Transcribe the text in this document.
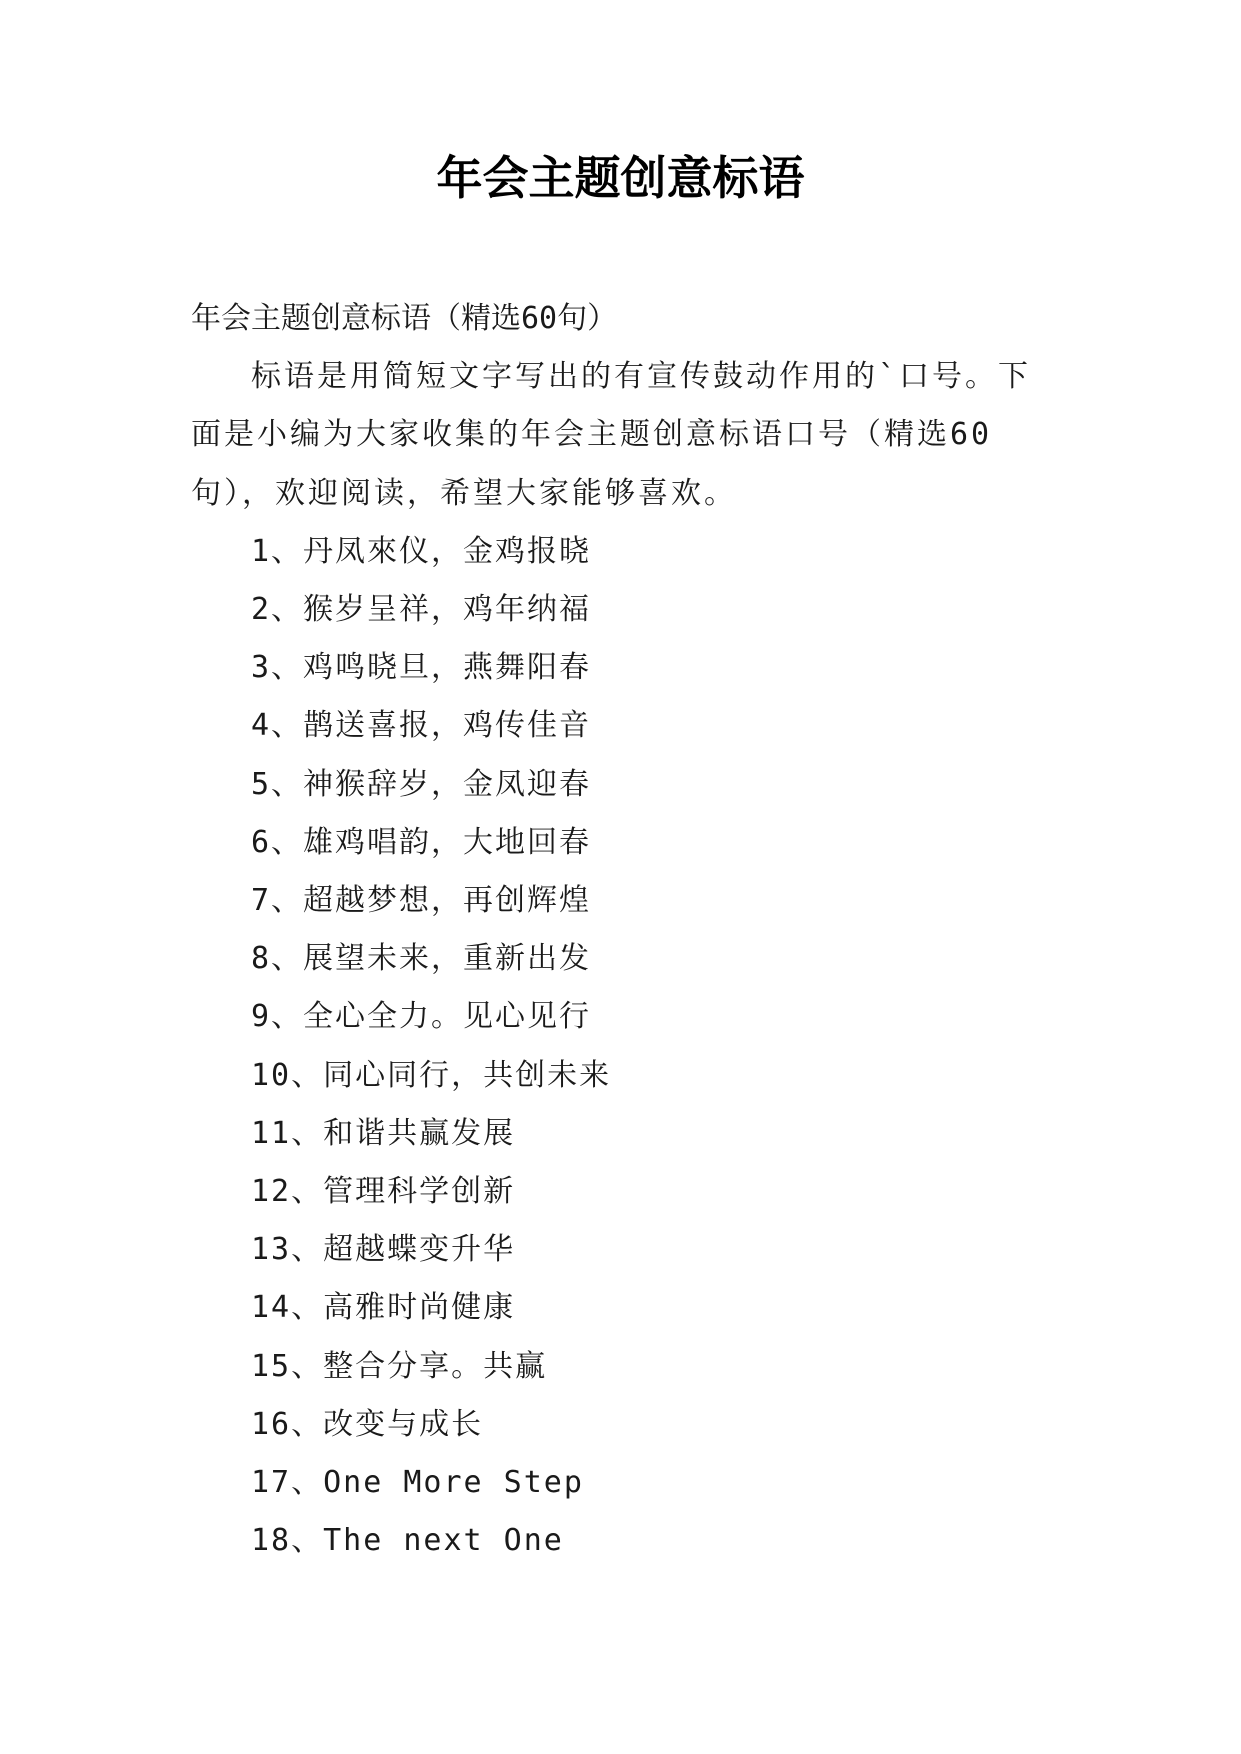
年会主题创意标语

年会主题创意标语（精选60句）

标语是用简短文字写出的有宣传鼓动作用的`口号。下面是小编为大家收集的年会主题创意标语口号（精选60句），欢迎阅读，希望大家能够喜欢。

1、丹凤來仪，金鸡报晓
2、猴岁呈祥，鸡年纳福
3、鸡鸣晓旦，燕舞阳春
4、鹊送喜报，鸡传佳音
5、神猴辞岁，金凤迎春
6、雄鸡唱韵，大地回春
7、超越梦想，再创辉煌
8、展望未来，重新出发
9、全心全力。见心见行
10、同心同行，共创未来
11、和谐共赢发展
12、管理科学创新
13、超越蝶变升华
14、高雅时尚健康
15、整合分享。共赢
16、改变与成长
17、One More Step
18、The next One
